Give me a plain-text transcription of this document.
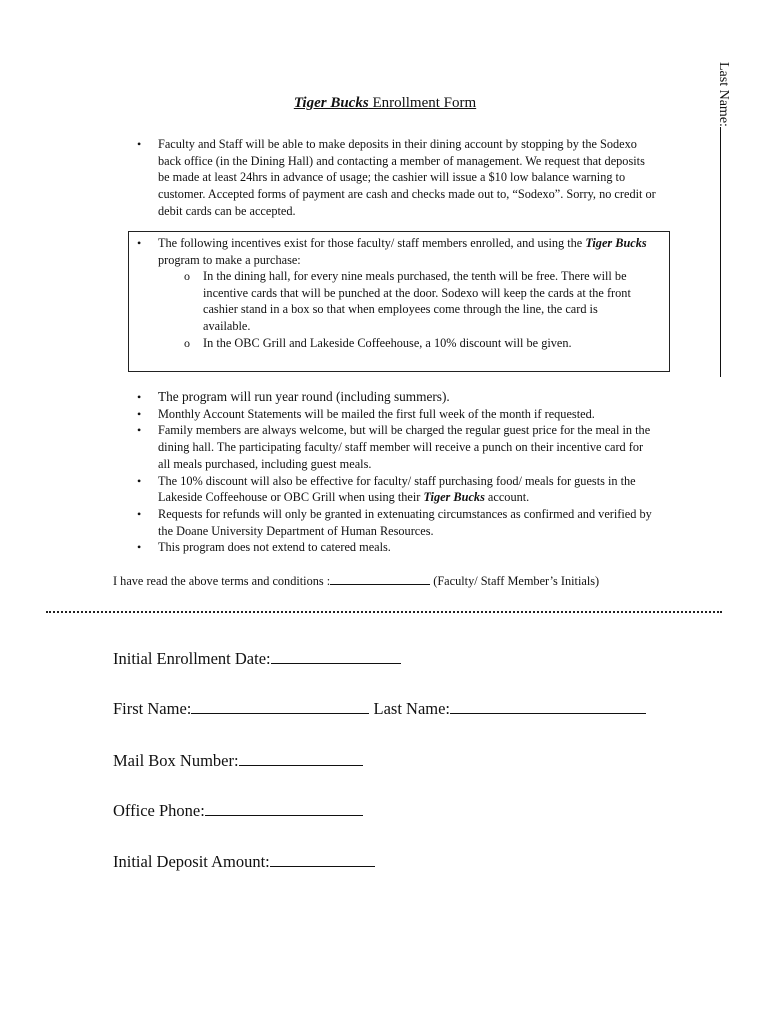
Tiger Bucks Enrollment Form	Last Name:
• Faculty and Staff will be able to make deposits in their dining account by stopping by the Sodexo back office (in the Dining Hall) and contacting a member of management. We request that deposits be made at least 24hrs in advance of usage; the cashier will issue a $10 low balance warning to customer. Accepted forms of payment are cash and checks made out to, “Sodexo”. Sorry, no credit or debit cards can be accepted.
• The following incentives exist for those faculty/ staff members enrolled, and using the Tiger Bucks program to make a purchase:
o In the dining hall, for every nine meals purchased, the tenth will be free. There will be incentive cards that will be punched at the door. Sodexo will keep the cards at the front cashier stand in a box so that when employees come through the line, the card is available.
o In the OBC Grill and Lakeside Coffeehouse, a 10% discount will be given.
• The program will run year round (including summers).
• Monthly Account Statements will be mailed the first full week of the month if requested.
• Family members are always welcome, but will be charged the regular guest price for the meal in the dining hall. The participating faculty/ staff member will receive a punch on their incentive card for all meals purchased, including guest meals.
• The 10% discount will also be effective for faculty/ staff purchasing food/ meals for guests in the Lakeside Coffeehouse or OBC Grill when using their Tiger Bucks account.
• Requests for refunds will only be granted in extenuating circumstances as confirmed and verified by the Doane University Department of Human Resources.
• This program does not extend to catered meals.
I have read the above terms and conditions :	(Faculty/ Staff Member’s Initials)
Initial Enrollment Date:
First Name:	Last Name:
Mail Box Number:
Office Phone:
Initial Deposit Amount:
